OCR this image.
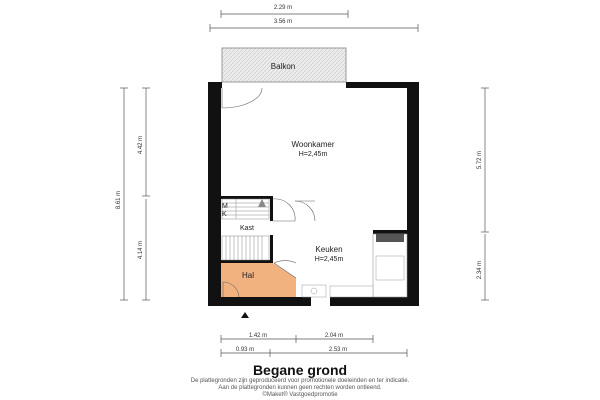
2.29 m
3.56 m
Balkon
Hal
M
K
Kast
Woonkamer
H=2,45m
Keuken
H=2,45m
8.61 m
4.42 m
4.14 m
5.72 m
2.34 m
1.42 m	2.04 m
0.93 m	2.53 m
Begane grond
De plattegronden zijn geproduceerd voor promotionele doeleinden en ter indicatie.
Aan de plattegronden kunnen geen rechten worden ontleend.
©Maket® Vastgoedpromotie
